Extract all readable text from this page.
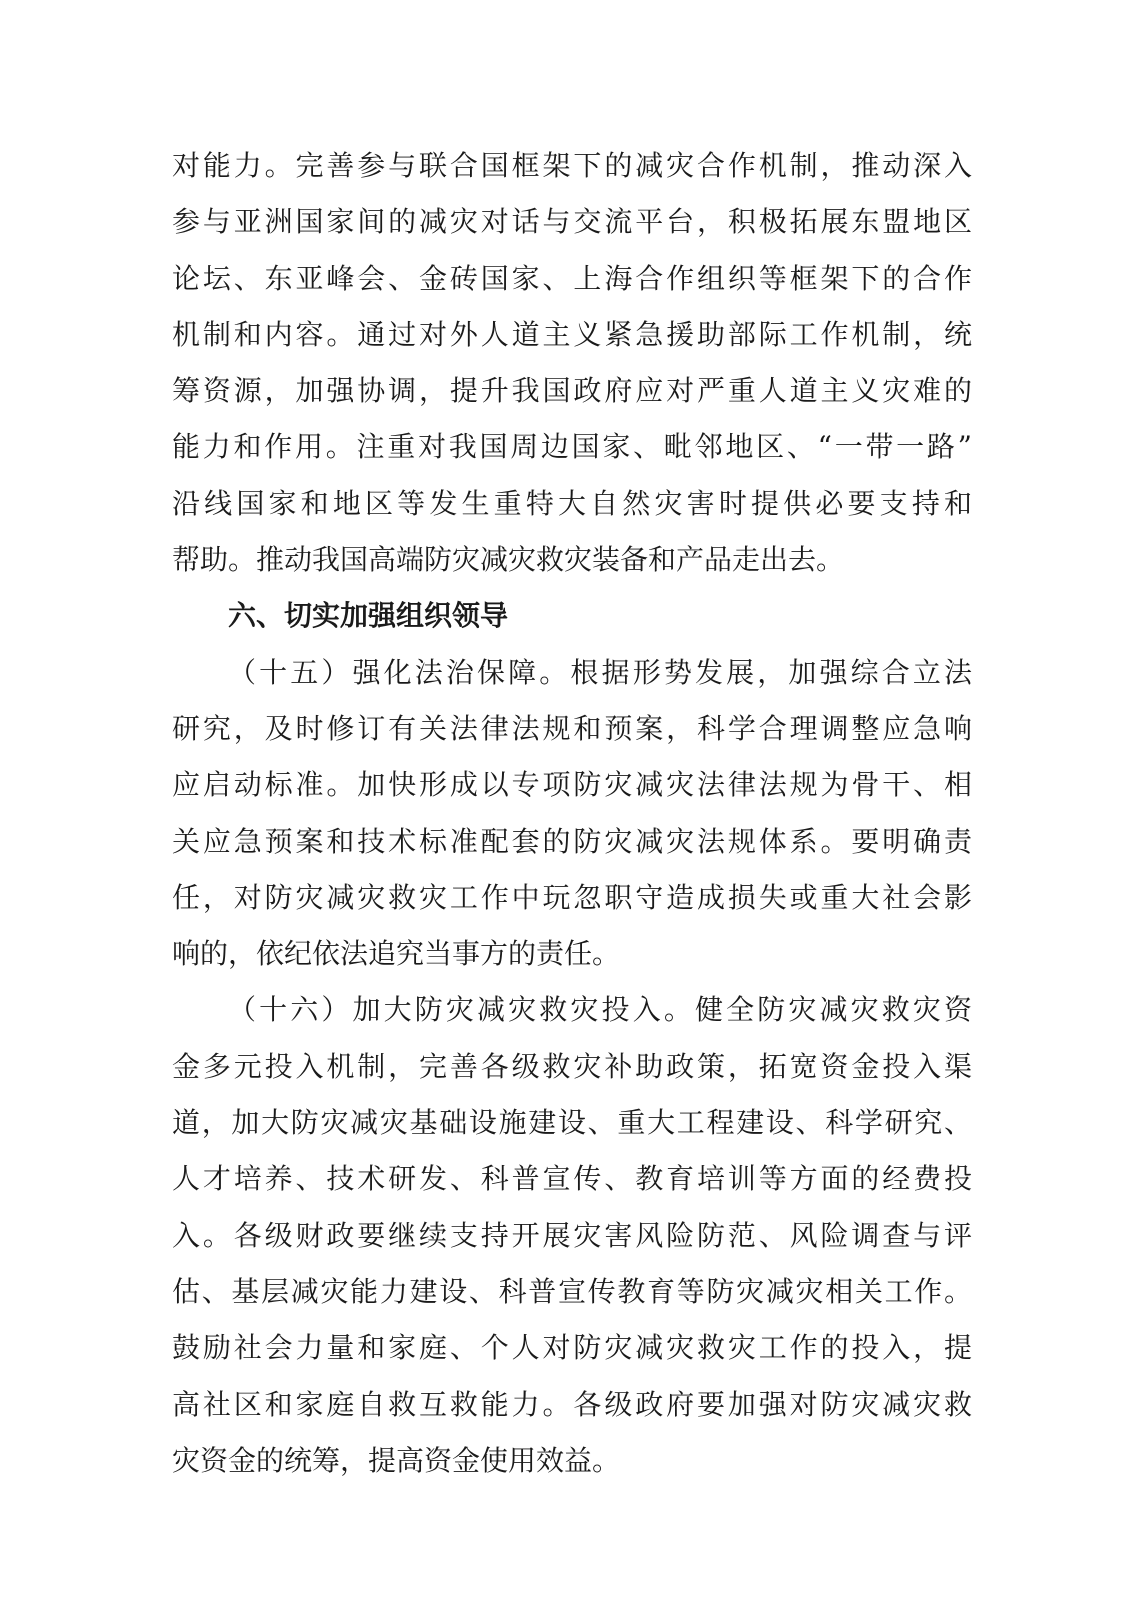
对能力。完善参与联合国框架下的减灾合作机制，推动深入
参与亚洲国家间的减灾对话与交流平台，积极拓展东盟地区
论坛、东亚峰会、金砖国家、上海合作组织等框架下的合作
机制和内容。通过对外人道主义紧急援助部际工作机制，统
筹资源，加强协调，提升我国政府应对严重人道主义灾难的
能力和作用。注重对我国周边国家、毗邻地区、“一带一路”
沿线国家和地区等发生重特大自然灾害时提供必要支持和
帮助。推动我国高端防灾减灾救灾装备和产品走出去。
六、切实加强组织领导
（十五）强化法治保障。根据形势发展，加强综合立法
研究，及时修订有关法律法规和预案，科学合理调整应急响
应启动标准。加快形成以专项防灾减灾法律法规为骨干、相
关应急预案和技术标准配套的防灾减灾法规体系。要明确责
任，对防灾减灾救灾工作中玩忽职守造成损失或重大社会影
响的，依纪依法追究当事方的责任。
（十六）加大防灾减灾救灾投入。健全防灾减灾救灾资
金多元投入机制，完善各级救灾补助政策，拓宽资金投入渠
道，加大防灾减灾基础设施建设、重大工程建设、科学研究、
人才培养、技术研发、科普宣传、教育培训等方面的经费投
入。各级财政要继续支持开展灾害风险防范、风险调查与评
估、基层减灾能力建设、科普宣传教育等防灾减灾相关工作。
鼓励社会力量和家庭、个人对防灾减灾救灾工作的投入，提
高社区和家庭自救互救能力。各级政府要加强对防灾减灾救
灾资金的统筹，提高资金使用效益。
